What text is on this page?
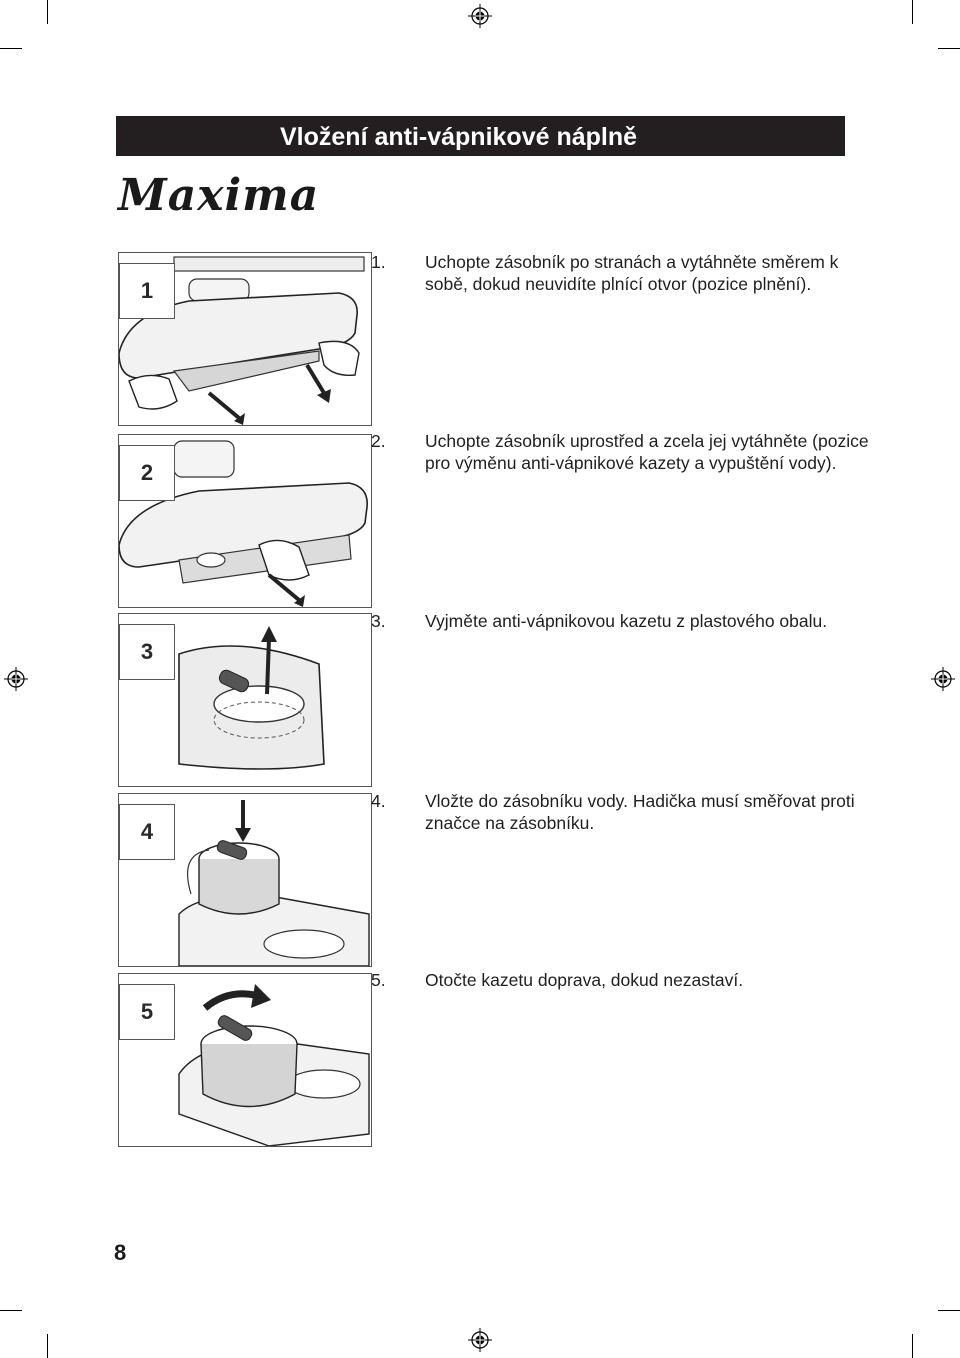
Vložení anti-vápnikové náplně
Maxima
1
2
3
4
5

1. Uchopte zásobník po stranách a vytáhněte směrem k sobě, dokud neuvidíte plnící otvor (pozice plnění).

2. Uchopte zásobník uprostřed a zcela jej vytáhněte (pozice pro výměnu anti-vápnikové kazety a vypuštění vody).

3. Vyjměte anti-vápnikovou kazetu z plastového obalu.

4. Vložte do zásobníku vody. Hadička musí směřovat proti značce na zásobníku.

5. Otočte kazetu doprava, dokud nezastaví.

8
